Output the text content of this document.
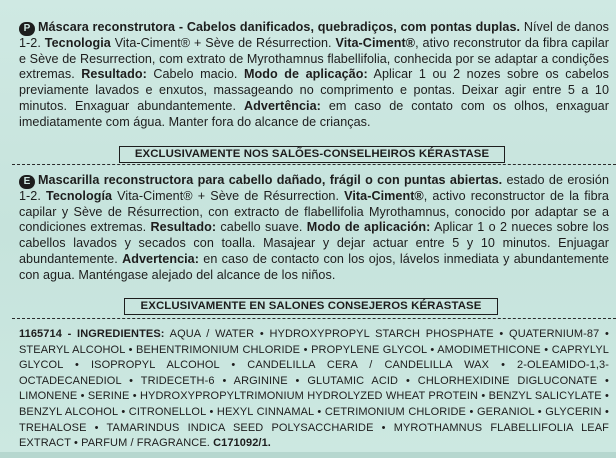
P Máscara reconstrutora - Cabelos danificados, quebradiços, com pontas duplas. Nível de danos 1-2. Tecnologia Vita-Ciment® + Sève de Résurrection. Vita-Ciment®, ativo reconstrutor da fibra capilar e Sève de Resurrection, com extrato de Myrothamnus flabellifolia, conhecida por se adaptar a condições extremas. Resultado: Cabelo macio. Modo de aplicação: Aplicar 1 ou 2 nozes sobre os cabelos previamente lavados e enxutos, massageando no comprimento e pontas. Deixar agir entre 5 a 10 minutos. Enxaguar abundantemente. Advertência: em caso de contato com os olhos, enxaguar imediatamente com água. Manter fora do alcance de crianças.
EXCLUSIVAMENTE NOS SALÕES-CONSELHEIROS KÉRASTASE
E Mascarilla reconstructora para cabello dañado, frágil o con puntas abiertas. estado de erosión 1-2. Tecnología Vita-Ciment® + Sève de Résurrection. Vita-Ciment®, activo reconstructor de la fibra capilar y Sève de Résurrection, con extracto de flabellifolia Myrothamnus, conocido por adaptar se a condiciones extremas. Resultado: cabello suave. Modo de aplicación: Aplicar 1 o 2 nueces sobre los cabellos lavados y secados con toalla. Masajear y dejar actuar entre 5 y 10 minutos. Enjuagar abundantemente. Advertencia: en caso de contacto con los ojos, lávelos inmediata y abundantemente con agua. Manténgase alejado del alcance de los niños.
EXCLUSIVAMENTE EN SALONES CONSEJEROS KÉRASTASE
1165714 - INGREDIENTES: AQUA / WATER • HYDROXYPROPYL STARCH PHOSPHATE • QUATERNIUM-87 • STEARYL ALCOHOL • BEHENTRIMONIUM CHLORIDE • PROPYLENE GLYCOL • AMODIMETHICONE • CAPRYLYL GLYCOL • ISOPROPYL ALCOHOL • CANDELILLA CERA / CANDELILLA WAX • 2-OLEAMIDO-1,3-OCTADECANEDIOL • TRIDECETH-6 • ARGININE • GLUTAMIC ACID • CHLORHEXIDINE DIGLUCONATE • LIMONENE • SERINE • HYDROXYPROPYLTRIMONIUM HYDROLYZED WHEAT PROTEIN • BENZYL SALICYLATE • BENZYL ALCOHOL • CITRONELLOL • HEXYL CINNAMAL • CETRIMONIUM CHLORIDE • GERANIOL • GLYCERIN • TREHALOSE • TAMARINDUS INDICA SEED POLYSACCHARIDE • MYROTHAMNUS FLABELLIFOLIA LEAF EXTRACT • PARFUM / FRAGRANCE. C171092/1.
